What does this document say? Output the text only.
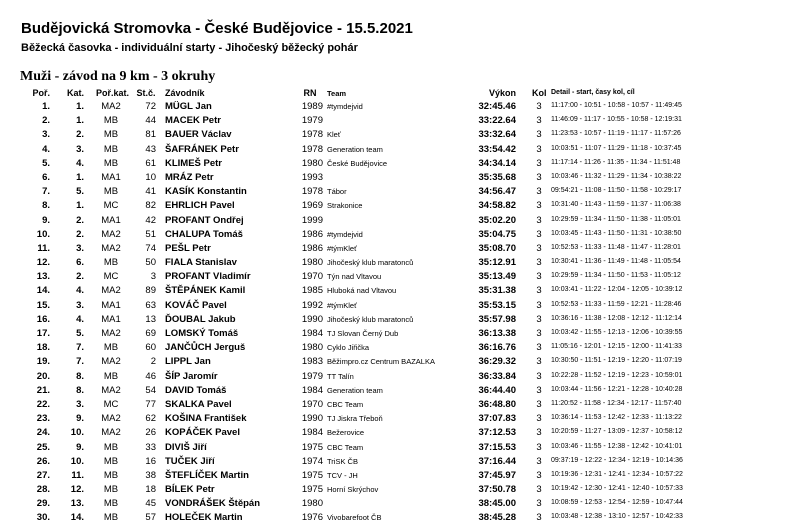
Budějovická Stromovka - České Budějovice - 15.5.2021
Běžecká časovka - individuální starty - Jihočeský běžecký pohár
Muži - závod na 9 km - 3 okruhy
Poř.	Kat. Poř.kat. St.č. Závodník	RN	Team	Výkon Kol Detail - start, časy kol, cíl
1.	1.	MA2	72 MÜGL Jan	1989 #tymdejvid	32:45.46	3	11:17:00 - 10:51 - 10:58 - 10:57 - 11:49:45
2.	1.	MB	44 MACEK Petr	1979	33:22.64	3	11:46:09 - 11:17 - 10:55 - 10:58 - 12:19:31
3.	2.	MB	81 BAUER Václav	1978 Kleť	33:32.64	3	11:23:53 - 10:57 - 11:19 - 11:17 - 11:57:26
4.	3.	MB	43 ŠAFRÁNEK Petr	1978 Generation team	33:54.42	3	10:03:51 - 11:07 - 11:29 - 11:18 - 10:37:45
5.	4.	MB	61 KLIMEŠ Petr	1980 České Budějovice	34:34.14	3	11:17:14 - 11:26 - 11:35 - 11:34 - 11:51:48
6.	1.	MA1	10 MRÁZ Petr	1993	35:35.68	3	10:03:46 - 11:32 - 11:29 - 11:34 - 10:38:22
7.	5.	MB	41 KASÍK Konstantin	1978 Tábor	34:56.47	3	09:54:21 - 11:08 - 11:50 - 11:58 - 10:29:17
8.	1.	MC	82 EHRLICH Pavel	1969 Strakonice	34:58.82	3	10:31:40 - 11:43 - 11:59 - 11:37 - 11:06:38
9.	2.	MA1	42 PROFANT Ondřej	1999	35:02.20	3	10:29:59 - 11:34 - 11:50 - 11:38 - 11:05:01
10.	2.	MA2	51 CHALUPA Tomáš	1986 #tymdejvid	35:04.75	3	10:03:45 - 11:43 - 11:50 - 11:31 - 10:38:50
11.	3.	MA2	74 PEŠL Petr	1986 #týmKleť	35:08.70	3	10:52:53 - 11:33 - 11:48 - 11:47 - 11:28:01
12.	6.	MB	50 FIALA Stanislav	1980 Jihočeský klub maratonců	35:12.91	3	10:30:41 - 11:36 - 11:49 - 11:48 - 11:05:54
13.	2.	MC	3 PROFANT Vladimír	1970 Týn nad Vltavou	35:13.49	3	10:29:59 - 11:34 - 11:50 - 11:53 - 11:05:12
14.	4.	MA2	89 ŠTĚPÁNEK Kamil	1985 Hluboká nad Vltavou	35:31.38	3	10:03:41 - 11:22 - 12:04 - 12:05 - 10:39:12
15.	3.	MA1	63 KOVÁČ Pavel	1992 #týmKleť	35:53.15	3	10:52:53 - 11:33 - 11:59 - 12:21 - 11:28:46
16.	4.	MA1	13 ĎOUBAL Jakub	1990 Jihočeský klub maratonců	35:57.98	3	10:36:16 - 11:38 - 12:08 - 12:12 - 11:12:14
17.	5.	MA2	69 LOMSKÝ Tomáš	1984 TJ Slovan Černý Dub	36:13.38	3	10:03:42 - 11:55 - 12:13 - 12:06 - 10:39:55
18.	7.	MB	60 JANČŮCH Jerguš	1980 Cyklo Jiřička	36:16.76	3	11:05:16 - 12:01 - 12:15 - 12:00 - 11:41:33
19.	7.	MA2	2 LIPPL Jan	1983 Běžimpro.cz Centrum BAZALKA	36:29.32	3	10:30:50 - 11:51 - 12:19 - 12:20 - 11:07:19
20.	8.	MB	46 ŠÍP Jaromír	1979 TT Talín	36:33.84	3	10:22:28 - 11:52 - 12:19 - 12:23 - 10:59:01
21.	8.	MA2	54 DAVID Tomáš	1984 Generation team	36:44.40	3	10:03:44 - 11:56 - 12:21 - 12:28 - 10:40:28
22.	3.	MC	77 SKALKA Pavel	1970 CBC Team	36:48.80	3	11:20:52 - 11:58 - 12:34 - 12:17 - 11:57:40
23.	9.	MA2	62 KOŠINA František	1990 TJ Jiskra Třeboň	37:07.83	3	10:36:14 - 11:53 - 12:42 - 12:33 - 11:13:22
24.	10.	MA2	26 KOPÁČEK Pavel	1984 Bežerovice	37:12.53	3	10:20:59 - 11:27 - 13:09 - 12:37 - 10:58:12
25.	9.	MB	33 DIVIŠ Jiří	1975 CBC Team	37:15.53	3	10:03:46 - 11:55 - 12:38 - 12:42 - 10:41:01
26.	10.	MB	16 TUČEK Jiří	1974 TriSK ČB	37:16.44	3	09:37:19 - 12:22 - 12:34 - 12:19 - 10:14:36
27.	11.	MB	38 ŠTEFLÍČEK Martin	1975 TCV - JH	37:45.97	3	10:19:36 - 12:31 - 12:41 - 12:34 - 10:57:22
28.	12.	MB	18 BÍLEK Petr	1975 Horní Skrýchov	37:50.78	3	10:19:42 - 12:30 - 12:41 - 12:40 - 10:57:33
29.	13.	MB	45 VONDRÁŠEK Štěpán	1980	38:45.00	3	10:08:59 - 12:53 - 12:54 - 12:59 - 10:47:44
30.	14.	MB	57 HOLEČEK Martin	1976 Vivobarefoot ČB	38:45.28	3	10:03:48 - 12:38 - 13:10 - 12:57 - 10:42:33
